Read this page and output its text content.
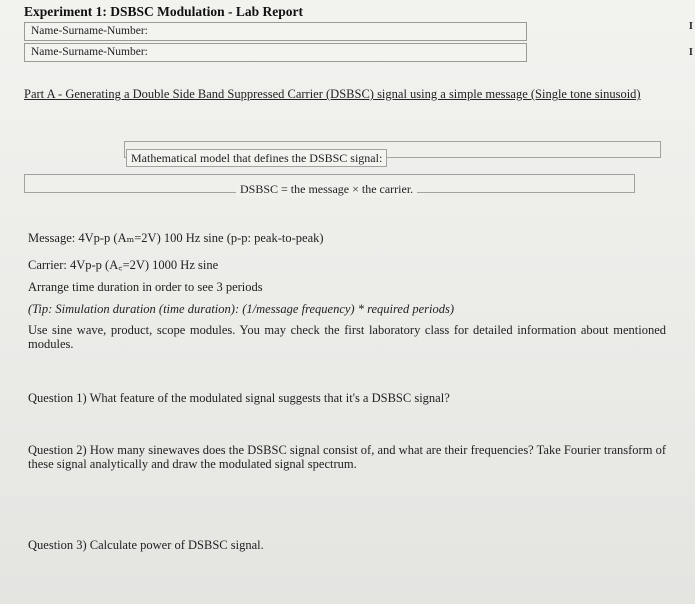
Experiment 1: DSBSC Modulation - Lab Report
I
I
Name-Surname-Number:
Name-Surname-Number:
Part A - Generating a Double Side Band Suppressed Carrier (DSBSC) signal using a simple message (Single tone sinusoid)
Mathematical model that defines the DSBSC signal:
DSBSC = the message × the carrier.
Message: 4Vp-p (Aₘ=2V) 100 Hz sine (p-p: peak-to-peak)
Carrier: 4Vp-p (A꜀=2V) 1000 Hz sine
Arrange time duration in order to see 3 periods
(Tip: Simulation duration (time duration): (1/message frequency) * required periods)
Use sine wave, product, scope modules. You may check the first laboratory class for detailed information about mentioned modules.
Question 1) What feature of the modulated signal suggests that it's a DSBSC signal?
Question 2) How many sinewaves does the DSBSC signal consist of, and what are their frequencies? Take Fourier transform of these signal analytically and draw the modulated signal spectrum.
Question 3) Calculate power of DSBSC signal.
